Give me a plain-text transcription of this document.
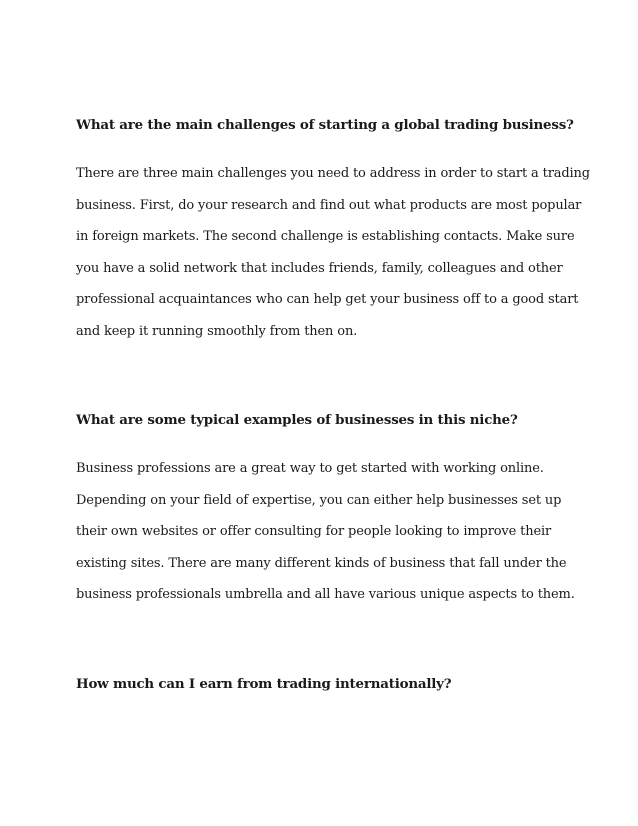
What are the main challenges of starting a global trading business?

There are three main challenges you need to address in order to start a trading
business. First, do your research and find out what products are most popular
in foreign markets. The second challenge is establishing contacts. Make sure
you have a solid network that includes friends, family, colleagues and other
professional acquaintances who can help get your business off to a good start
and keep it running smoothly from then on.

What are some typical examples of businesses in this niche?

Business professions are a great way to get started with working online.
Depending on your field of expertise, you can either help businesses set up
their own websites or offer consulting for people looking to improve their
existing sites. There are many different kinds of business that fall under the
business professionals umbrella and all have various unique aspects to them.

How much can I earn from trading internationally?
